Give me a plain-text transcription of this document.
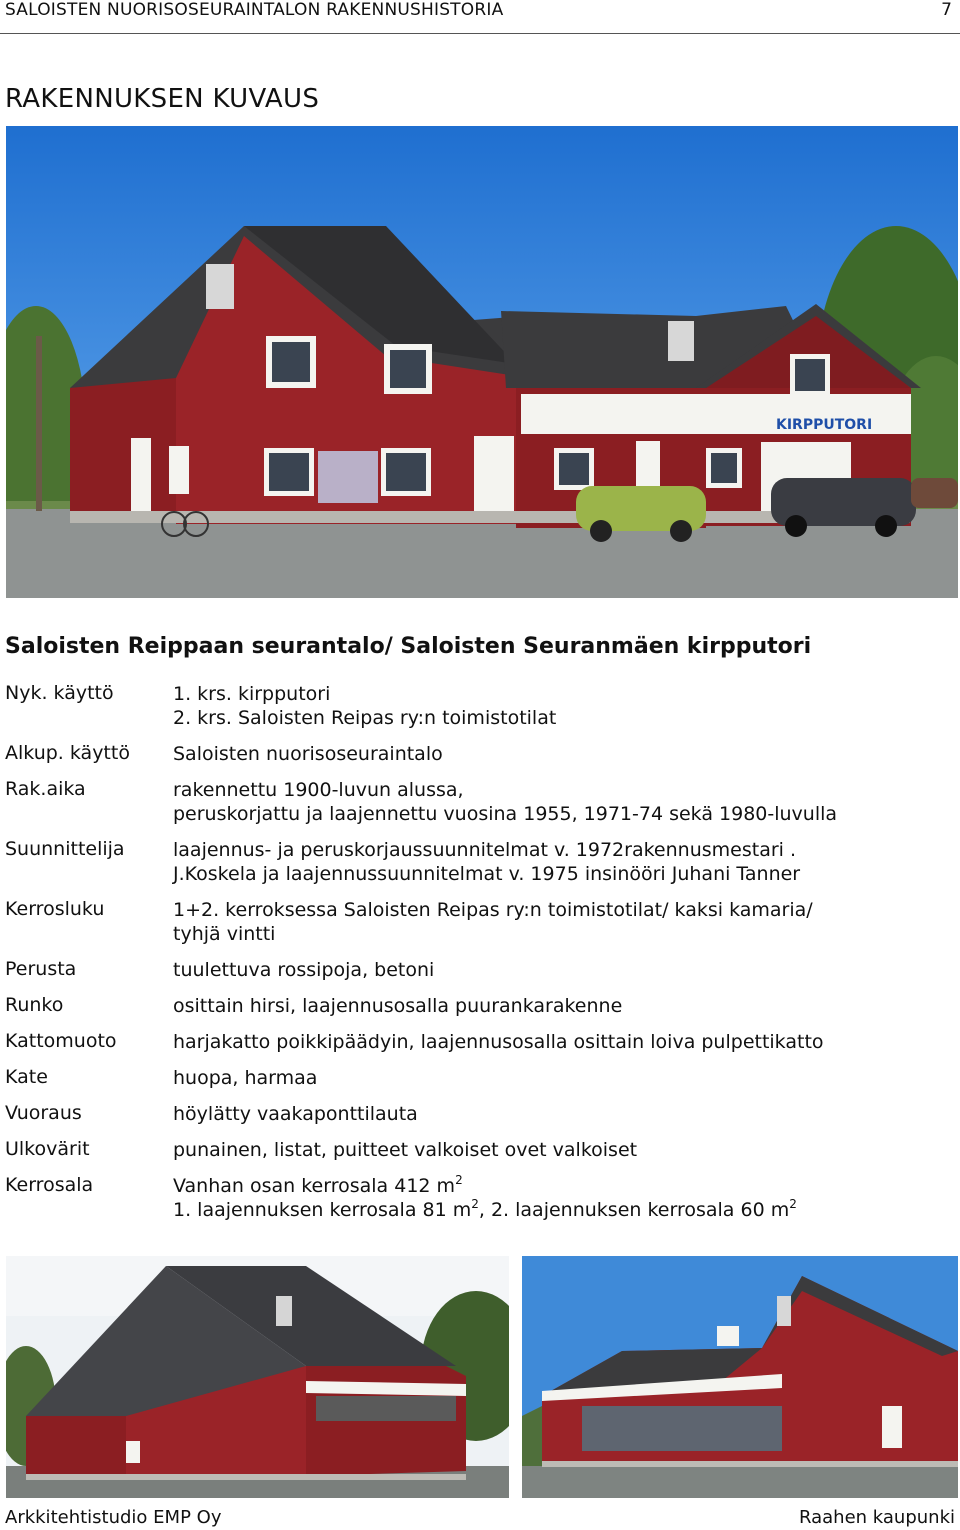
SALOISTEN NUORISOSEURAINTALON RAKENNUSHISTORIA	7
RAKENNUKSEN KUVAUS
KIRPPUTORI
Saloisten Reippaan seurantalo/ Saloisten Seuranmäen kirpputori
Nyk. käyttö	1. krs. kirpputori
2. krs. Saloisten Reipas ry:n toimistotilat
Alkup. käyttö Saloisten nuorisoseuraintalo
Rak.aika	rakennettu 1900-luvun alussa,
peruskorjattu ja laajennettu vuosina 1955, 1971-74 sekä 1980-luvulla
Suunnittelija	laajennus- ja peruskorjaussuunnitelmat v. 1972rakennusmestari .
J.Koskela ja laajennussuunnitelmat v. 1975 insinööri Juhani Tanner
Kerrosluku	1+2. kerroksessa Saloisten Reipas ry:n toimistotilat/ kaksi kamaria/
tyhjä vintti
Perusta	tuulettuva rossipoja, betoni
Runko	osittain hirsi, laajennusosalla puurankarakenne
Kattomuoto	harjakatto poikkipäädyin, laajennusosalla osittain loiva pulpettikatto
Kate	huopa, harmaa
Vuoraus	höylätty vaakaponttilauta
Ulkovärit	punainen, listat, puitteet valkoiset ovet valkoiset
Kerrosala	Vanhan osan kerrosala 412 $m^2$
1. laajennuksen kerrosala 81 $m^2$, 2. laajennuksen kerrosala 60 $m^2$
Arkkitehtistudio EMP Oy	Raahen kaupunki
